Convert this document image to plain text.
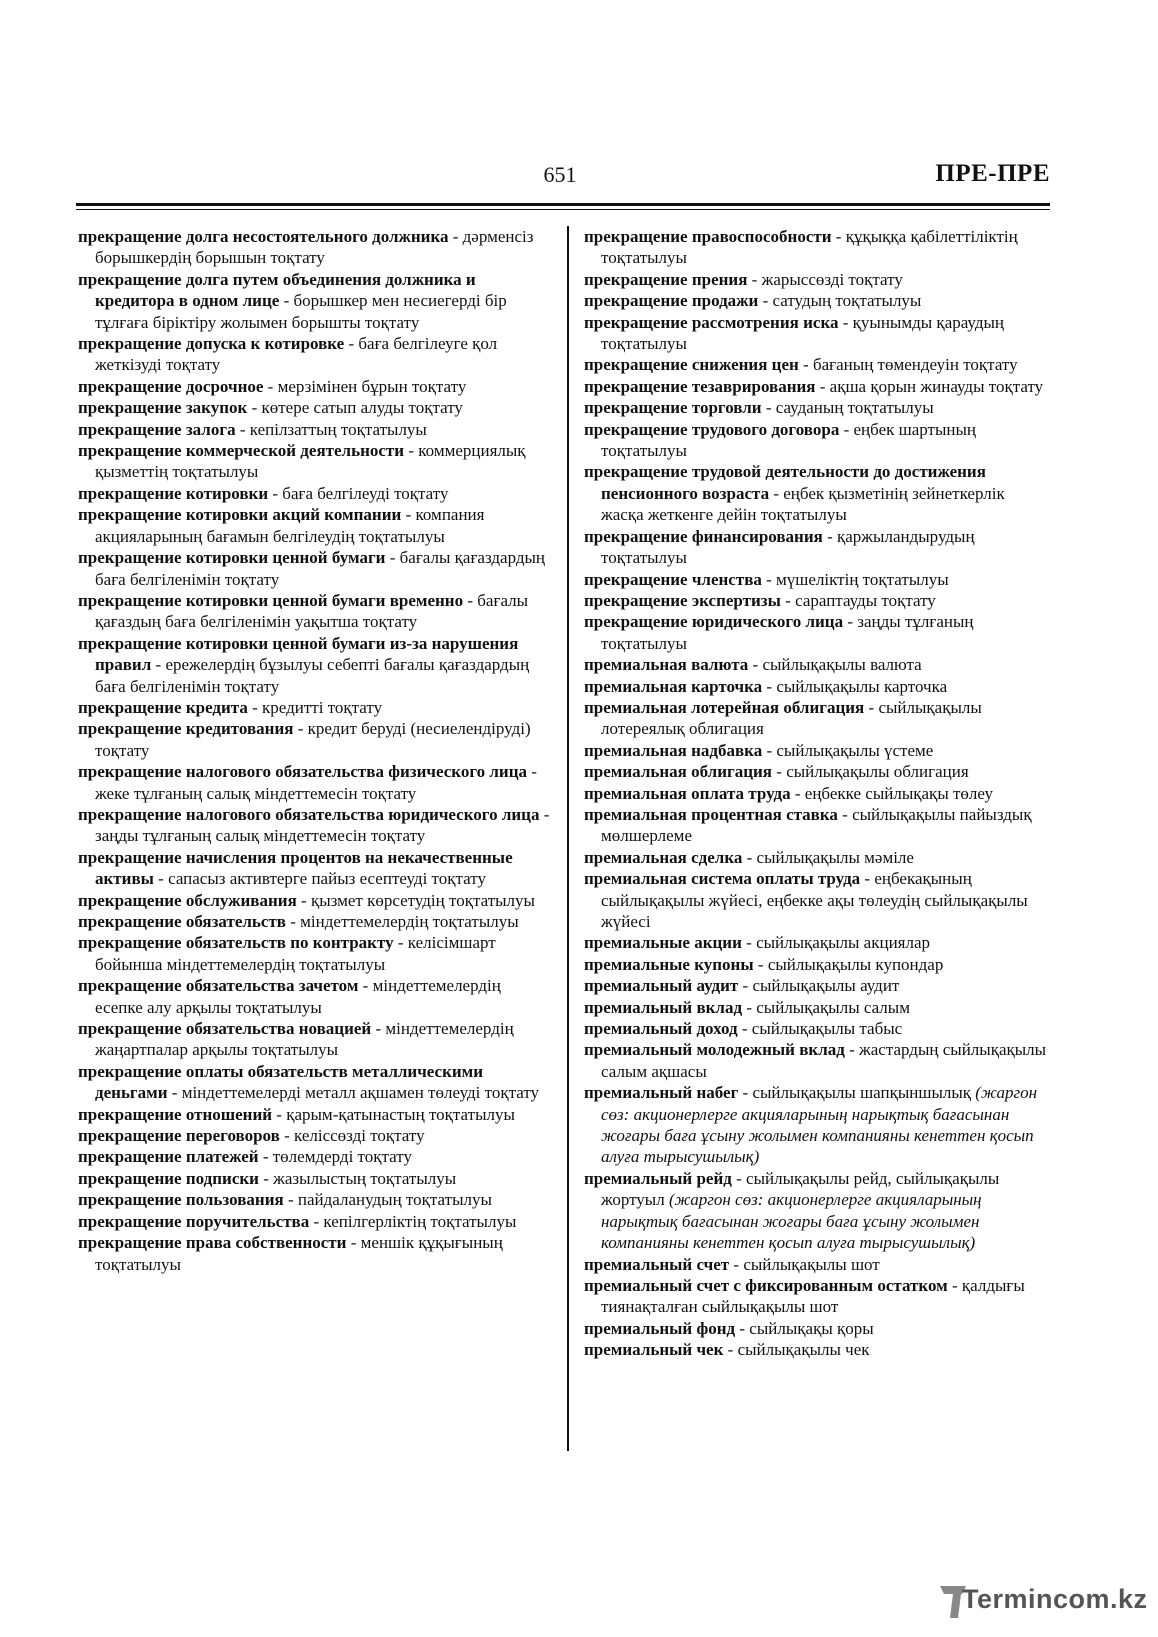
651	ПРЕ-ПРЕ
прекращение долга несостоятельного должника - дәрменсіз борышкердің борышын тоқтату
прекращение долга путем объединения должника и кредитора в одном лице - борышкер мен несиегерді бір тұлғаға біріктіру жолымен борышты тоқтату
прекращение допуска к котировке - баға белгілеуге қол жеткізуді тоқтату
прекращение досрочное - мерзімінен бұрын тоқтату
прекращение закупок - көтере сатып алуды тоқтату
прекращение залога - кепілзаттың тоқтатылуы
прекращение коммерческой деятельности - коммерциялық қызметтің тоқтатылуы
прекращение котировки - баға белгілеуді тоқтату
прекращение котировки акций компании - компания акцияларының бағамын белгілеудің тоқтатылуы
прекращение котировки ценной бумаги - бағалы қағаздардың баға белгіленімін тоқтату
прекращение котировки ценной бумаги временно - бағалы қағаздың баға белгіленімін уақытша тоқтату
прекращение котировки ценной бумаги из-за нарушения правил - ережелердің бұзылуы себепті бағалы қағаздардың баға белгіленімін тоқтату
прекращение кредита - кредитті тоқтату
прекращение кредитования - кредит беруді (несиелендіруді) тоқтату
прекращение налогового обязательства физического лица - жеке тұлғаның салық міндеттемесін тоқтату
прекращение налогового обязательства юридического лица - заңды тұлғаның салық міндеттемесін тоқтату
прекращение начисления процентов на некачественные активы - сапасыз активтерге пайыз есептеуді тоқтату
прекращение обслуживания - қызмет көрсетудің тоқтатылуы
прекращение обязательств - міндеттемелердің тоқтатылуы
прекращение обязательств по контракту - келісімшарт бойынша міндеттемелердің тоқтатылуы
прекращение обязательства зачетом - міндеттемелердің есепке алу арқылы тоқтатылуы
прекращение обязательства новацией - міндеттемелердің жаңартпалар арқылы тоқтатылуы
прекращение оплаты обязательств металлическими деньгами - міндеттемелерді металл ақшамен төлеуді тоқтату
прекращение отношений - қарым-қатынастың тоқтатылуы
прекращение переговоров - келіссөзді тоқтату
прекращение платежей - төлемдерді тоқтату
прекращение подписки - жазылыстың тоқтатылуы
прекращение пользования - пайдаланудың тоқтатылуы
прекращение поручительства - кепілгерліктің тоқтатылуы
прекращение права собственности - меншік құқығының тоқтатылуы
прекращение правоспособности - құқыққа қабілеттіліктің тоқтатылуы
прекращение прения - жарыссөзді тоқтату
прекращение продажи - сатудың тоқтатылуы
прекращение рассмотрения иска - қуынымды қараудың тоқтатылуы
прекращение снижения цен - бағаның төмендеуін тоқтату
прекращение тезаврирования - ақша қорын жинауды тоқтату
прекращение торговли - сауданың тоқтатылуы
прекращение трудового договора - еңбек шартының тоқтатылуы
прекращение трудовой деятельности до достижения пенсионного возраста - еңбек қызметінің зейнеткерлік жасқа жеткенге дейін тоқтатылуы
прекращение финансирования - қаржыландырудың тоқтатылуы
прекращение членства - мүшеліктің тоқтатылуы
прекращение экспертизы - сараптауды тоқтату
прекращение юридического лица - заңды тұлғаның тоқтатылуы
премиальная валюта - сыйлықақылы валюта
премиальная карточка - сыйлықақылы карточка
премиальная лотерейная облигация - сыйлықақылы лотереялық облигация
премиальная надбавка - сыйлықақылы үстеме
премиальная облигация - сыйлықақылы облигация
премиальная оплата труда - еңбекке сыйлықақы төлеу
премиальная процентная ставка - сыйлықақылы пайыздық мөлшерлеме
премиальная сделка - сыйлықақылы мәміле
премиальная система оплаты труда - еңбекақының сыйлықақылы жүйесі, еңбекке ақы төлеудің сыйлықақылы жүйесі
премиальные акции - сыйлықақылы акциялар
премиальные купоны - сыйлықақылы купондар
премиальный аудит - сыйлықақылы аудит
премиальный вклад - сыйлықақылы салым
премиальный доход - сыйлықақылы табыс
премиальный молодежный вклад - жастардың сыйлықақылы салым ақшасы
премиальный набег - сыйлықақылы шапқыншылық (жаргон сөз: акционерлерге акцияларының нарықтық бағасынан жоғары баға ұсыну жолымен компанияны кенеттен қосып алуға тырысушылық)
премиальный рейд - сыйлықақылы рейд, сыйлықақылы жортуыл (жаргон сөз: акционерлерге акцияларының нарықтық бағасынан жоғары баға ұсыну жолымен компанияны кенеттен қосып алуға тырысушылық)
премиальный счет - сыйлықақылы шот
премиальный счет с фиксированным остатком - қалдығы тиянақталған сыйлықақылы шот
премиальный фонд - сыйлықақы қоры
премиальный чек - сыйлықақылы чек
Termincom.kz
